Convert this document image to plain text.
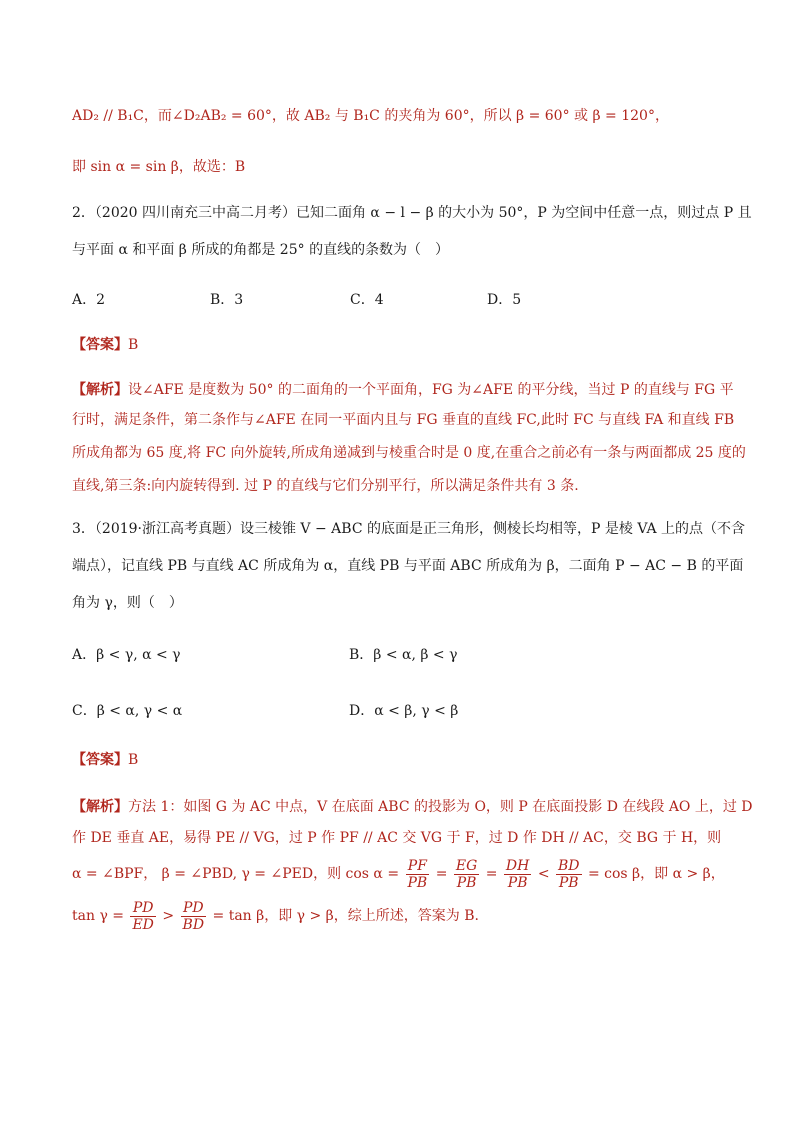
AD₂ // B₁C，而∠D₂AB₂ = 60°，故 AB₂ 与 B₁C 的夹角为 60°，所以 β = 60° 或 β = 120°，
即 sin α = sin β，故选：B
2．（2020 四川南充三中高二月考）已知二面角 α − l − β 的大小为 50°，P 为空间中任意一点，则过点 P 且
与平面 α 和平面 β 所成的角都是 25° 的直线的条数为（　）
A．2	B．3	C．4	D．5
【答案】B
【解析】设∠AFE 是度数为 50° 的二面角的一个平面角，FG 为∠AFE 的平分线，当过 P 的直线与 FG 平
行时，满足条件，第二条作与∠AFE 在同一平面内且与 FG 垂直的直线 FC,此时 FC 与直线 FA 和直线 FB
所成角都为 65 度,将 FC 向外旋转,所成角递减到与棱重合时是 0 度,在重合之前必有一条与两面都成 25 度的
直线,第三条:向内旋转得到. 过 P 的直线与它们分别平行，所以满足条件共有 3 条.
3．（2019·浙江高考真题）设三棱锥 V − ABC 的底面是正三角形，侧棱长均相等，P 是棱 VA 上的点（不含
端点），记直线 PB 与直线 AC 所成角为 α，直线 PB 与平面 ABC 所成角为 β，二面角 P − AC − B 的平面
角为 γ，则（　）
A．β < γ, α < γ	B．β < α, β < γ
C．β < α, γ < α	D．α < β, γ < β
【答案】B
【解析】方法 1：如图 G 为 AC 中点，V 在底面 ABC 的投影为 O，则 P 在底面投影 D 在线段 AO 上，过 D
作 DE 垂直 AE，易得 PE // VG，过 P 作 PF // AC 交 VG 于 F，过 D 作 DH // AC，交 BG 于 H，则
α = ∠BPF， β = ∠PBD, γ = ∠PED，则 $\cos \alpha = \frac{PF}{PB} = \frac{EG}{PB} = \frac{DH}{PB} < \frac{BD}{PB} = \cos \beta$，即 α > β，
$\tan \gamma = \frac{PD}{ED} > \frac{PD}{BD} = \tan \beta$，即 γ > β，综上所述，答案为 B.
